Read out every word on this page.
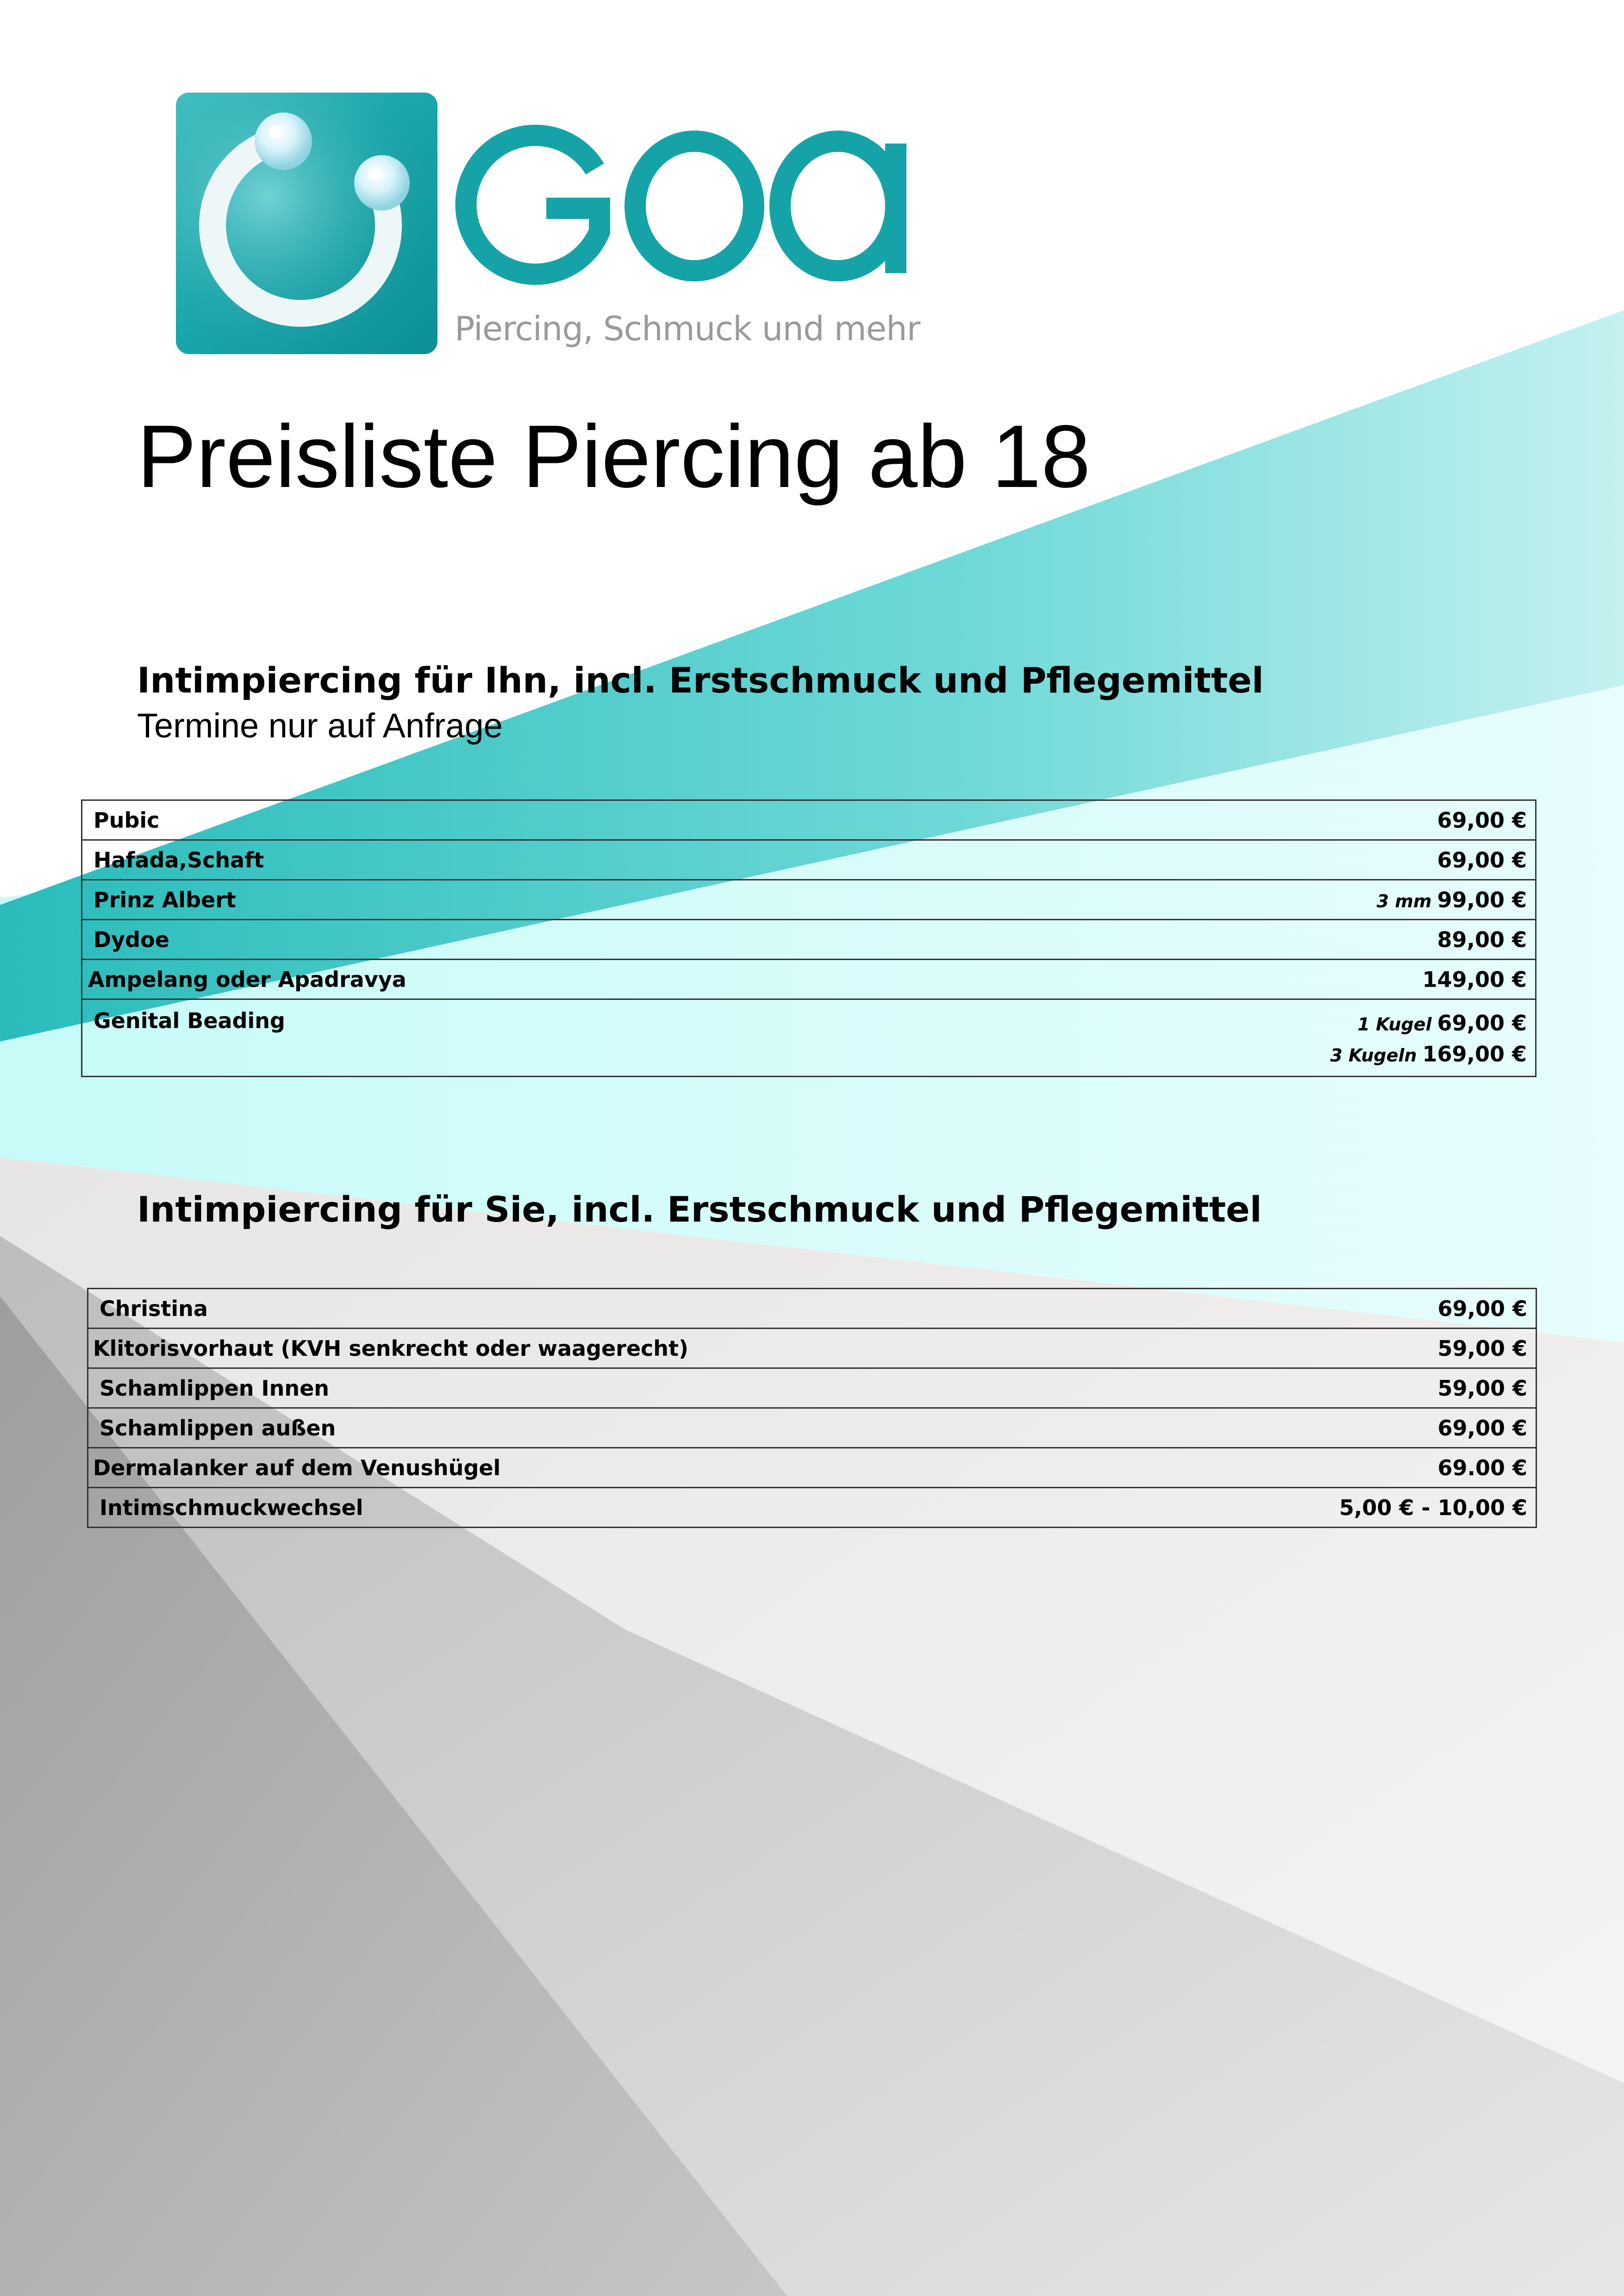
Piercing, Schmuck und mehr
Preisliste Piercing ab 18
Intimpiercing für Ihn, incl. Erstschmuck und Pflegemittel
Termine nur auf Anfrage
Pubic	69,00 €
Hafada,Schaft	69,00 €
Prinz Albert	3 mm 99,00 €
Dydoe	89,00 €
Ampelang oder Apadravya	149,00 €
Genital Beading	1 Kugel 69,00 €
3 Kugeln 169,00 €
Intimpiercing für Sie, incl. Erstschmuck und Pflegemittel
Christina	69,00 €
Klitorisvorhaut (KVH senkrecht oder waagerecht)	59,00 €
Schamlippen Innen	59,00 €
Schamlippen außen	69,00 €
Dermalanker auf dem Venushügel	69.00 €
Intimschmuckwechsel	5,00 € - 10,00 €
